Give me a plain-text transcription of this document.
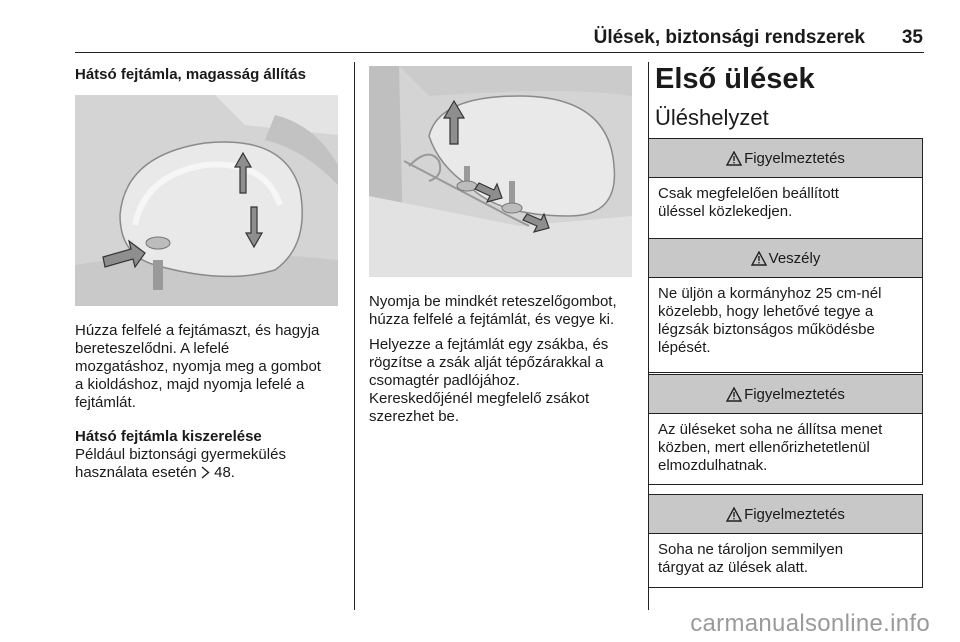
Ülések, biztonsági rendszerek 35

Hátsó fejtámla, magasság állítás

Húzza felfelé a fejtámaszt, és hagyja

bereteszelődni. A lefelé

mozgatáshoz, nyomja meg a gombot

a kioldáshoz, majd nyomja lefelé a

fejtámlát.

Hátsó fejtámla kiszerelése

Például biztonsági gyermekülés

használata esetén 48.

Nyomja be mindkét reteszelőgombot,

húzza felfelé a fejtámlát, és vegye ki.

Helyezze a fejtámlát egy zsákba, és

rögzítse a zsák alját tépőzárakkal a

csomagtér padlójához.

Kereskedőjénél megfelelő zsákot

szerezhet be.

Első ülések

Üléshelyzet

Figyelmeztetés
Csak megfelelően beállított
üléssel közlekedjen.
Veszély
Ne üljön a kormányhoz 25 cm-nél
közelebb, hogy lehetővé tegye a
légzsák biztonságos működésbe
lépését.
Figyelmeztetés
Az üléseket soha ne állítsa menet
közben, mert ellenőrizhetetlenül
elmozdulhatnak.
Figyelmeztetés
Soha ne tároljon semmilyen
tárgyat az ülések alatt.
carmanualsonline.info
